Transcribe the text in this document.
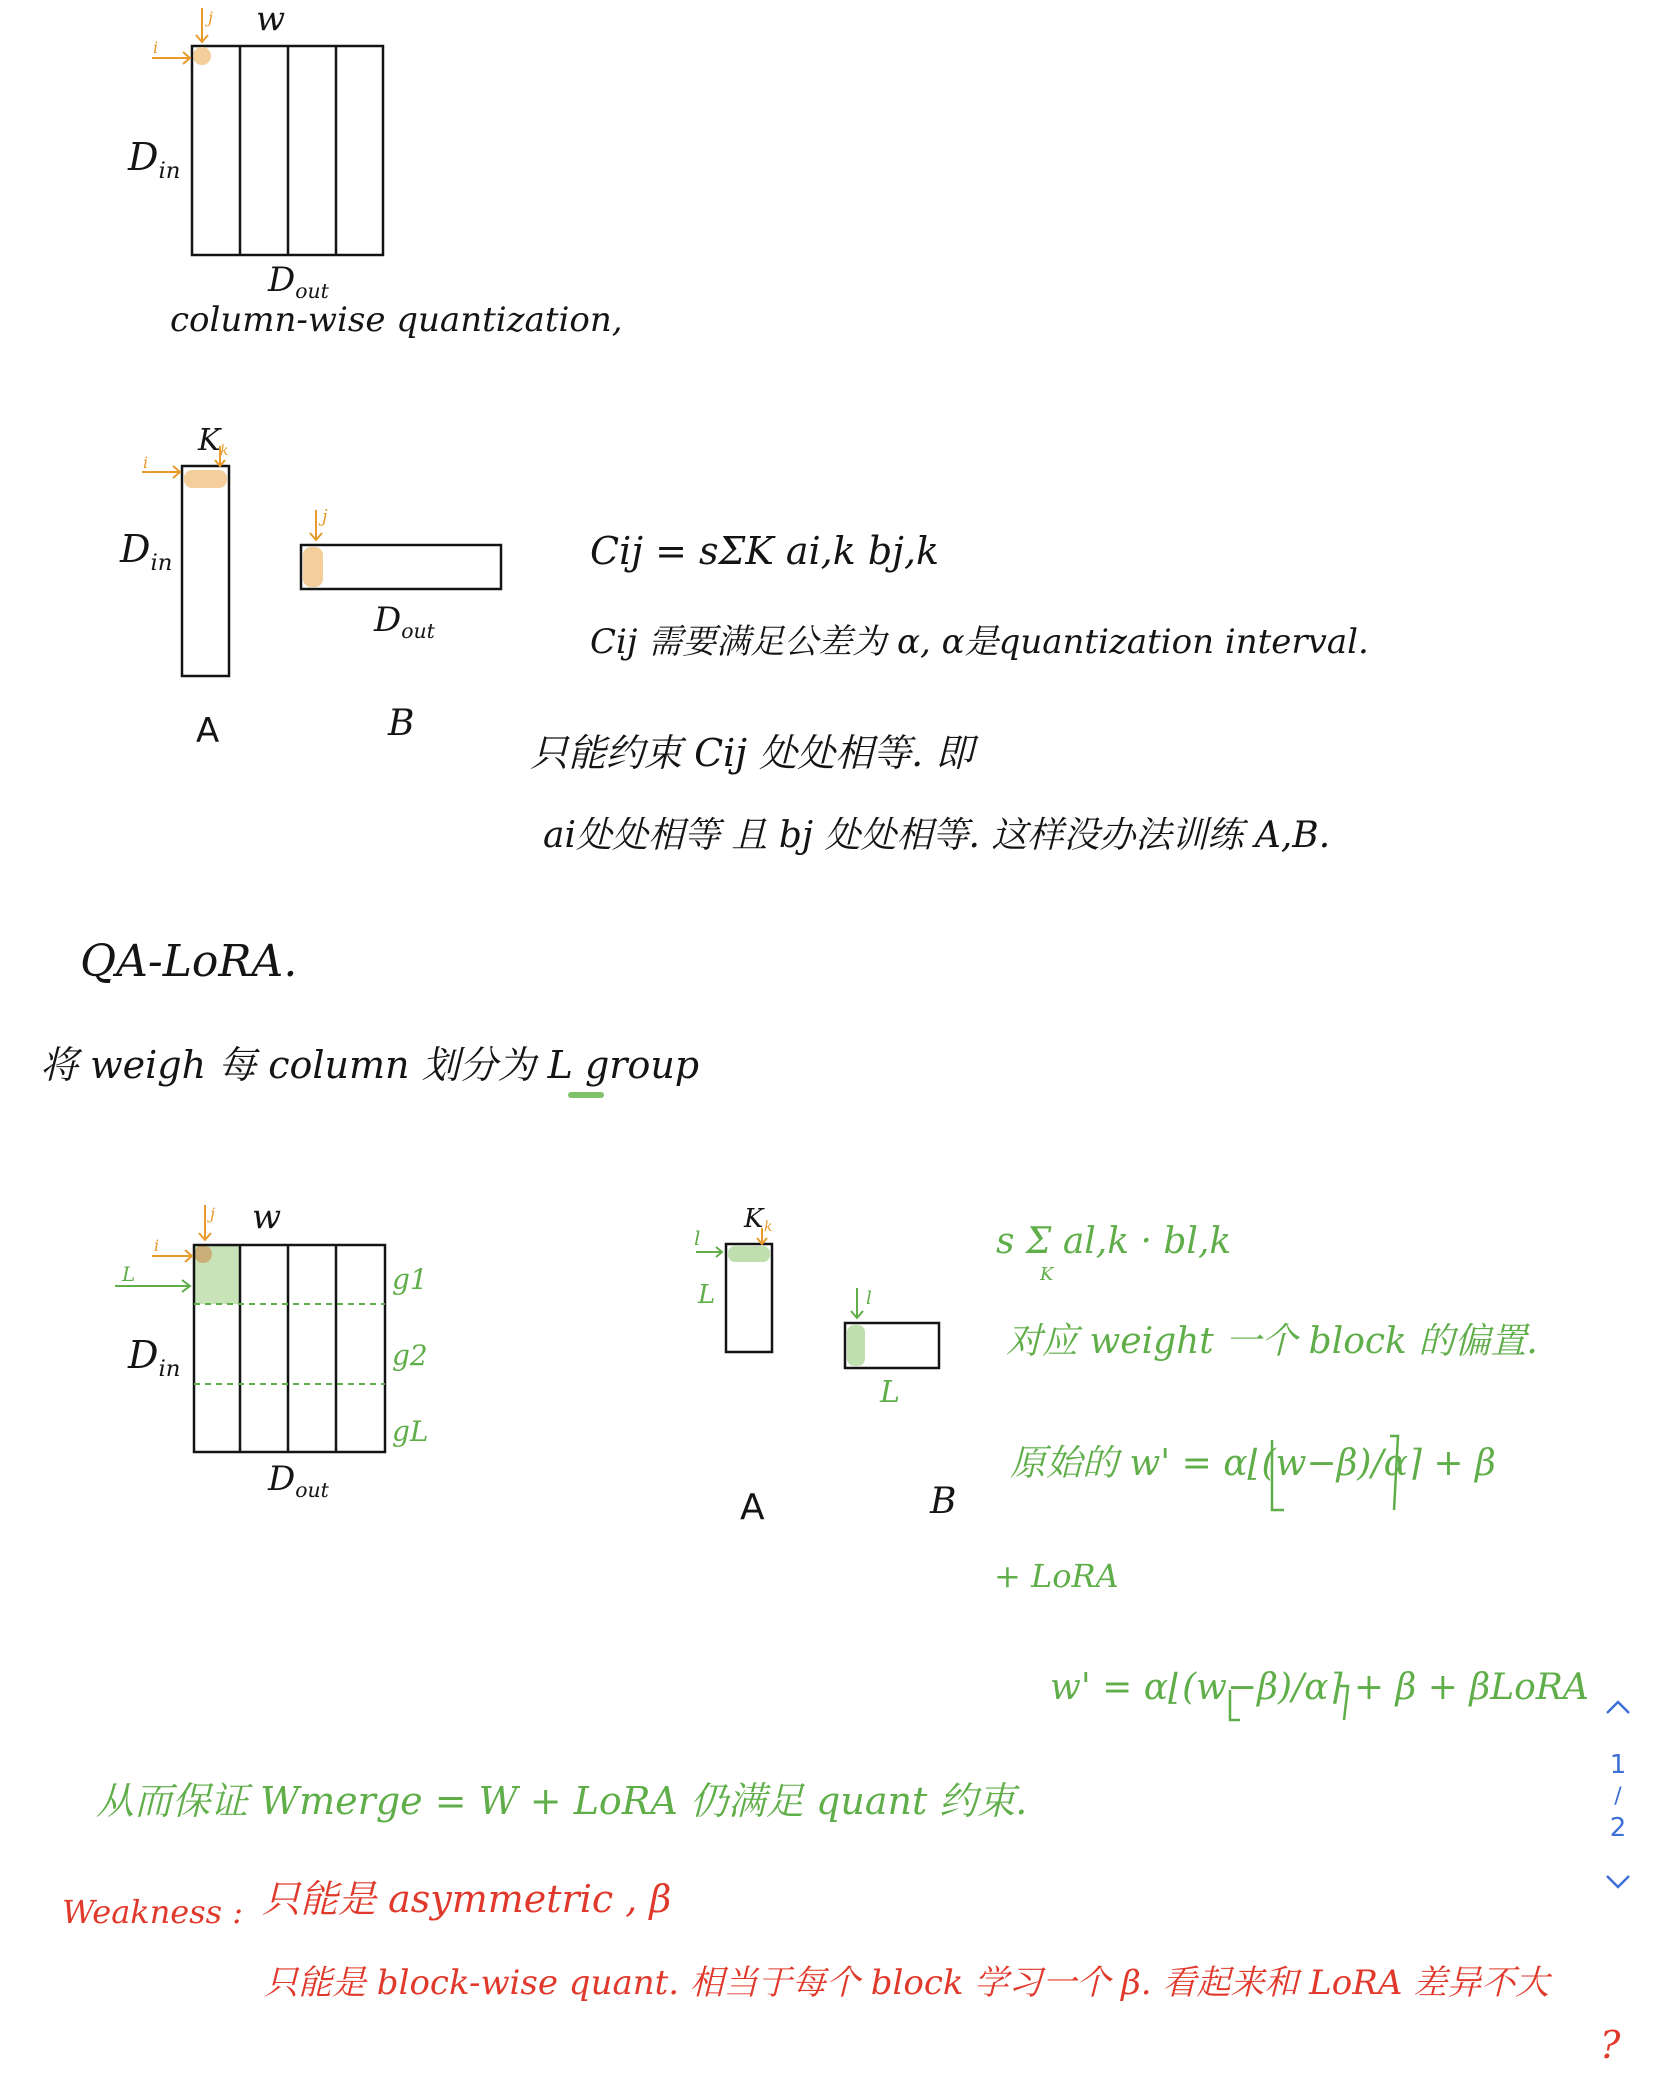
w
i
j
$D_{in}$
$D_{out}$
column-wise quantization,
K k
i
j
$D_{in}$
$D_{out}$
A	B
Cij = sΣK ai,k bj,k
Cij 需要满足公差为 α, α是quantization interval.
只能约束 Cij 处处相等. 即
ai处处相等 且 bj 处处相等. 这样没办法训练 A,B.
QA-LoRA.
将 weigh 每 column 划分为 L group
w
i
j
L
$D_{in}$
$D_{out}$
g1
g2
gL
K k
l
L	l
L
A	B
s Σ al,k · bl,k
K
对应 weight 一个 block 的偏置.
原始的 w' = α⌊(w−β)/α⌉ + β
+ LoRA
w' = α⌊(w−β)/α⌉ + β + βLoRA
从而保证 Wmerge = W + LoRA 仍满足 quant 约束.
Weakness : 只能是 asymmetric , β
只能是 block-wise quant. 相当于每个 block 学习一个 β. 看起来和 LoRA 差异不大
?
1
/
2
